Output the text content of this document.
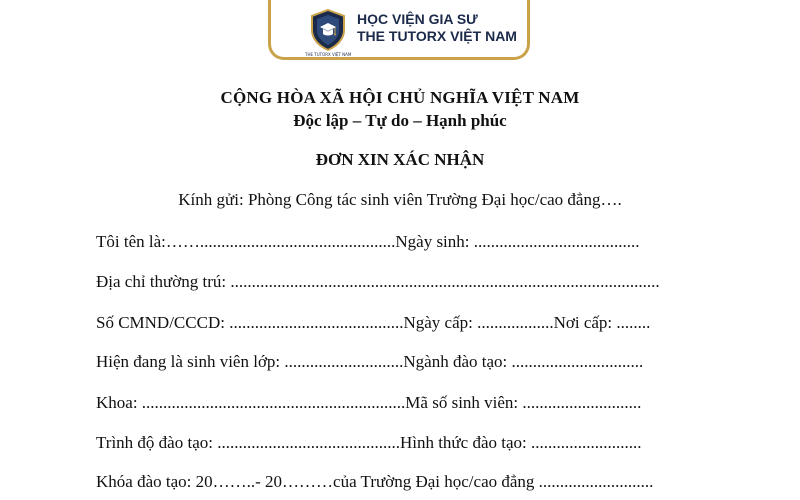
THE TUTORX VIỆT NAM
HỌC VIỆN GIA SƯ
THE TUTORX VIỆT NAM
CỘNG HÒA XÃ HỘI CHỦ NGHĨA VIỆT NAM
Độc lập – Tự do – Hạnh phúc
ĐƠN XIN XÁC NHẬN
Kính gửi: Phòng Công tác sinh viên Trường Đại học/cao đẳng….
Tôi tên là:……..............................................Ngày sinh: .......................................
Địa chỉ thường trú: .....................................................................................................
Số CMND/CCCD: .........................................Ngày cấp: ..................Nơi cấp: ........
Hiện đang là sinh viên lớp: ............................Ngành đào tạo: ...............................
Khoa: ..............................................................Mã số sinh viên: ............................
Trình độ đào tạo: ...........................................Hình thức đào tạo: ..........................
Khóa đào tạo: 20……..- 20………của Trường Đại học/cao đẳng ...........................
